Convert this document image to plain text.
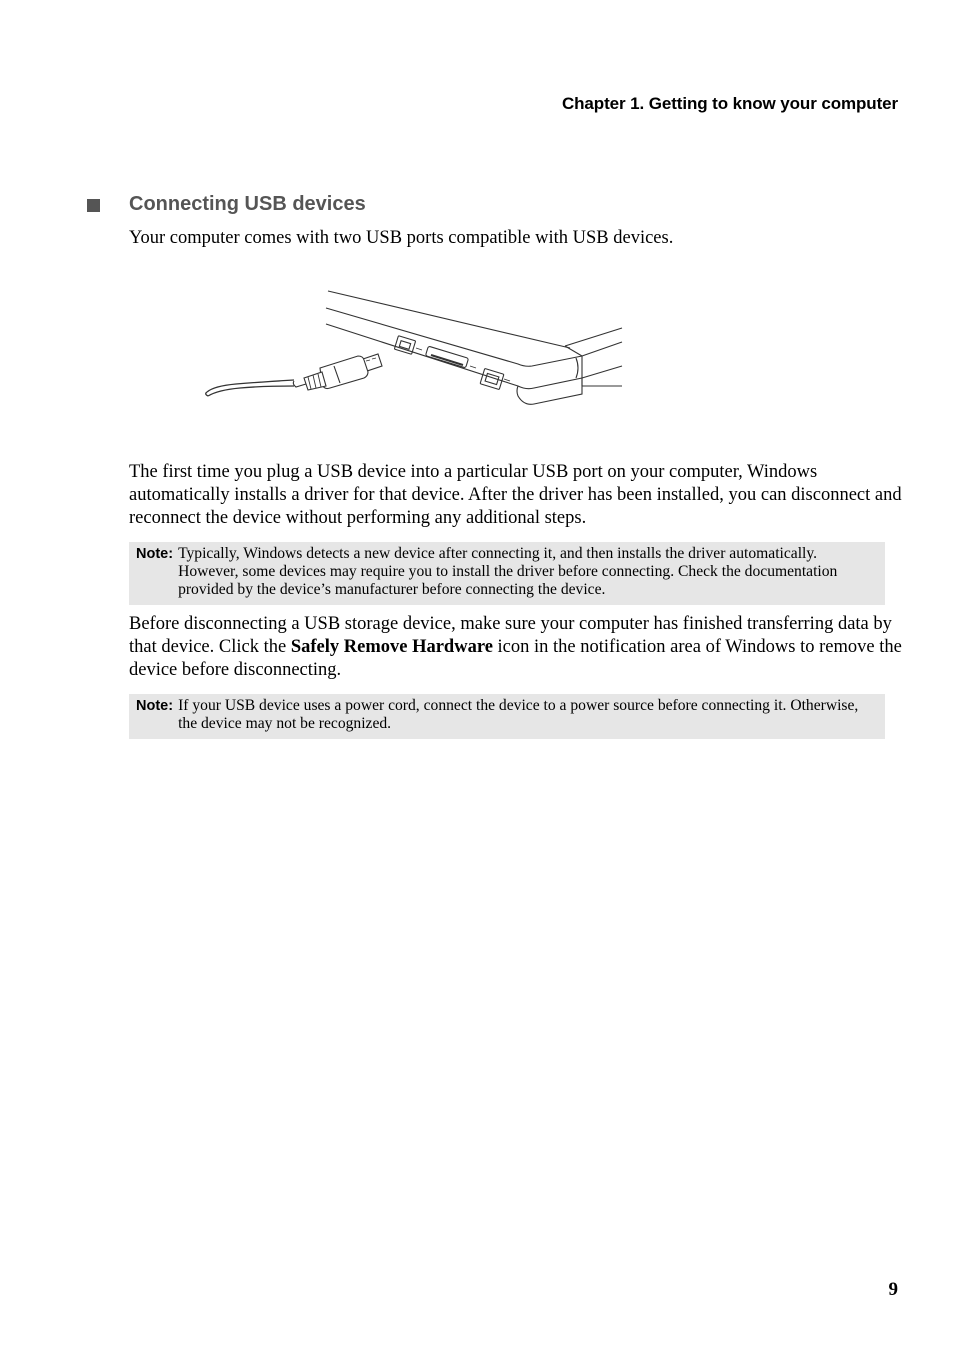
Chapter 1. Getting to know your computer
Connecting USB devices
Your computer comes with two USB ports compatible with USB devices.
The first time you plug a USB device into a particular USB port on your computer, Windows automatically installs a driver for that device. After the driver has been installed, you can disconnect and reconnect the device without performing any additional steps.
Note: Typically, Windows detects a new device after connecting it, and then installs the driver automatically. However, some devices may require you to install the driver before connecting. Check the documentation provided by the device’s manufacturer before connecting the device.
Before disconnecting a USB storage device, make sure your computer has finished transferring data by that device. Click the Safely Remove Hardware icon in the notification area of Windows to remove the device before disconnecting.
Note: If your USB device uses a power cord, connect the device to a power source before connecting it. Otherwise, the device may not be recognized.
9
